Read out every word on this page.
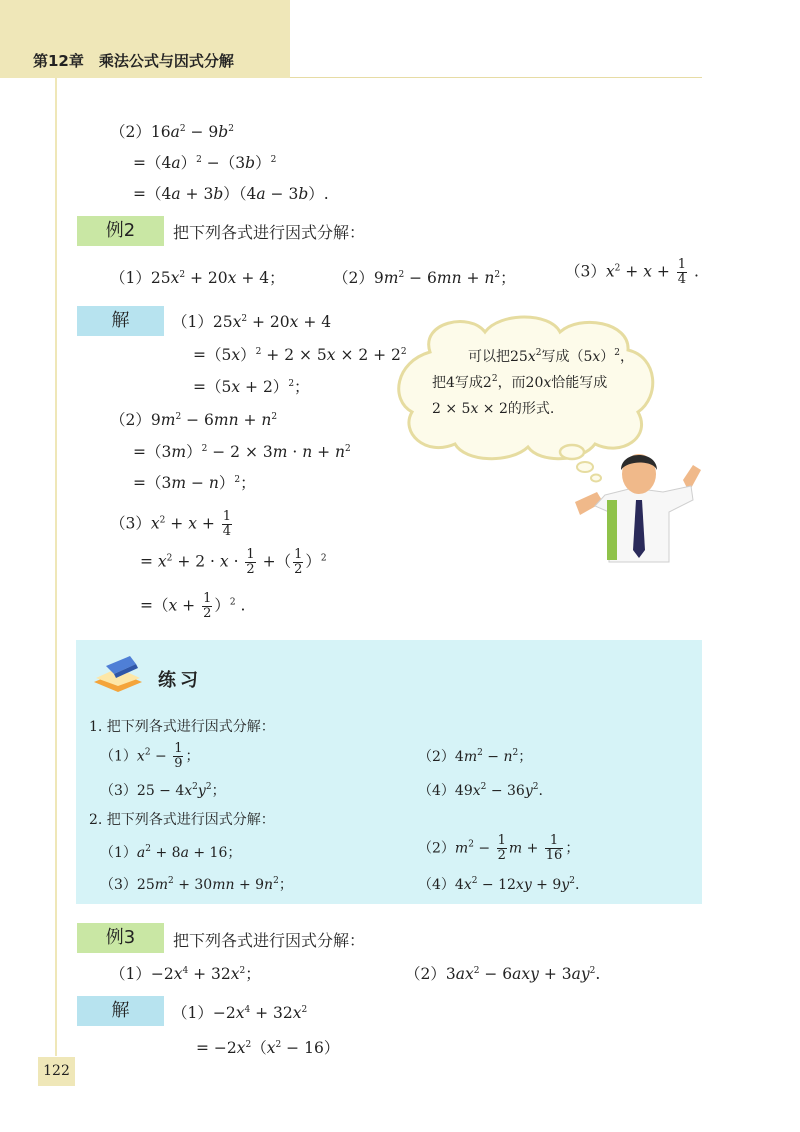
第12章　乘法公式与因式分解
$(2)16a^2 - 9b^2$
$=(4a)^2 -(3b)^2$
=（4a + 3b）（4a − 3b）.
例2	把下列各式进行因式分解：
$(1)25x^2 + 20x + 4$；	$(2)9m^2 - 6mn + n^2$；	$(3)x^2 + x + \frac{1}{4}$ .
解	$(1)25x^2 + 20x + 4$
$=(5x)^2 + 2 \times 5x \times 2 + 2^2$
$=(5x + 2)^2$；
$(2)9m^2 - 6mn + n^2$
$=(3m)^2 - 2 \times 3m \cdot n + n^2$
$=(3m - n)^2$；
$(3)x^2 + x + \frac{1}{4}$
= $x^2 + 2 \cdot x \cdot \frac{1}{2}$ +（ $\frac{1}{2} )^2$
$=(x + \frac{1}{2} )^2$ .
可以把$25x^2$写成$(5x)^2$，
把4写成$2^2$，而20x恰能写成
2 × 5x × 2的形式.
练习
1. 把下列各式进行因式分解：
$(1)x^2 - \frac{1}{9}$ ；	$(2)4m^2 - n^2$；
$(3)25 - 4x^2y^2$；	$(4)49x^2 - 36y^2$.
2. 把下列各式进行因式分解：
$(1)a^2 + 8a + 16$；	$(2)m^2 - \frac{1}{2}$ $m + \frac{1}{16}$ ；
$(3)25m^2 + 30mn + 9n^2$；	$(4)4x^2 - 12xy + 9y^2$.
例3	把下列各式进行因式分解：
$(1)-2x^4 + 32x^2$；	$(2)3ax^2 - 6axy + 3ay^2$.
解	$(1)-2x^4 + 32x^2$
= $-2x^2(x^2 - 16)$
122
